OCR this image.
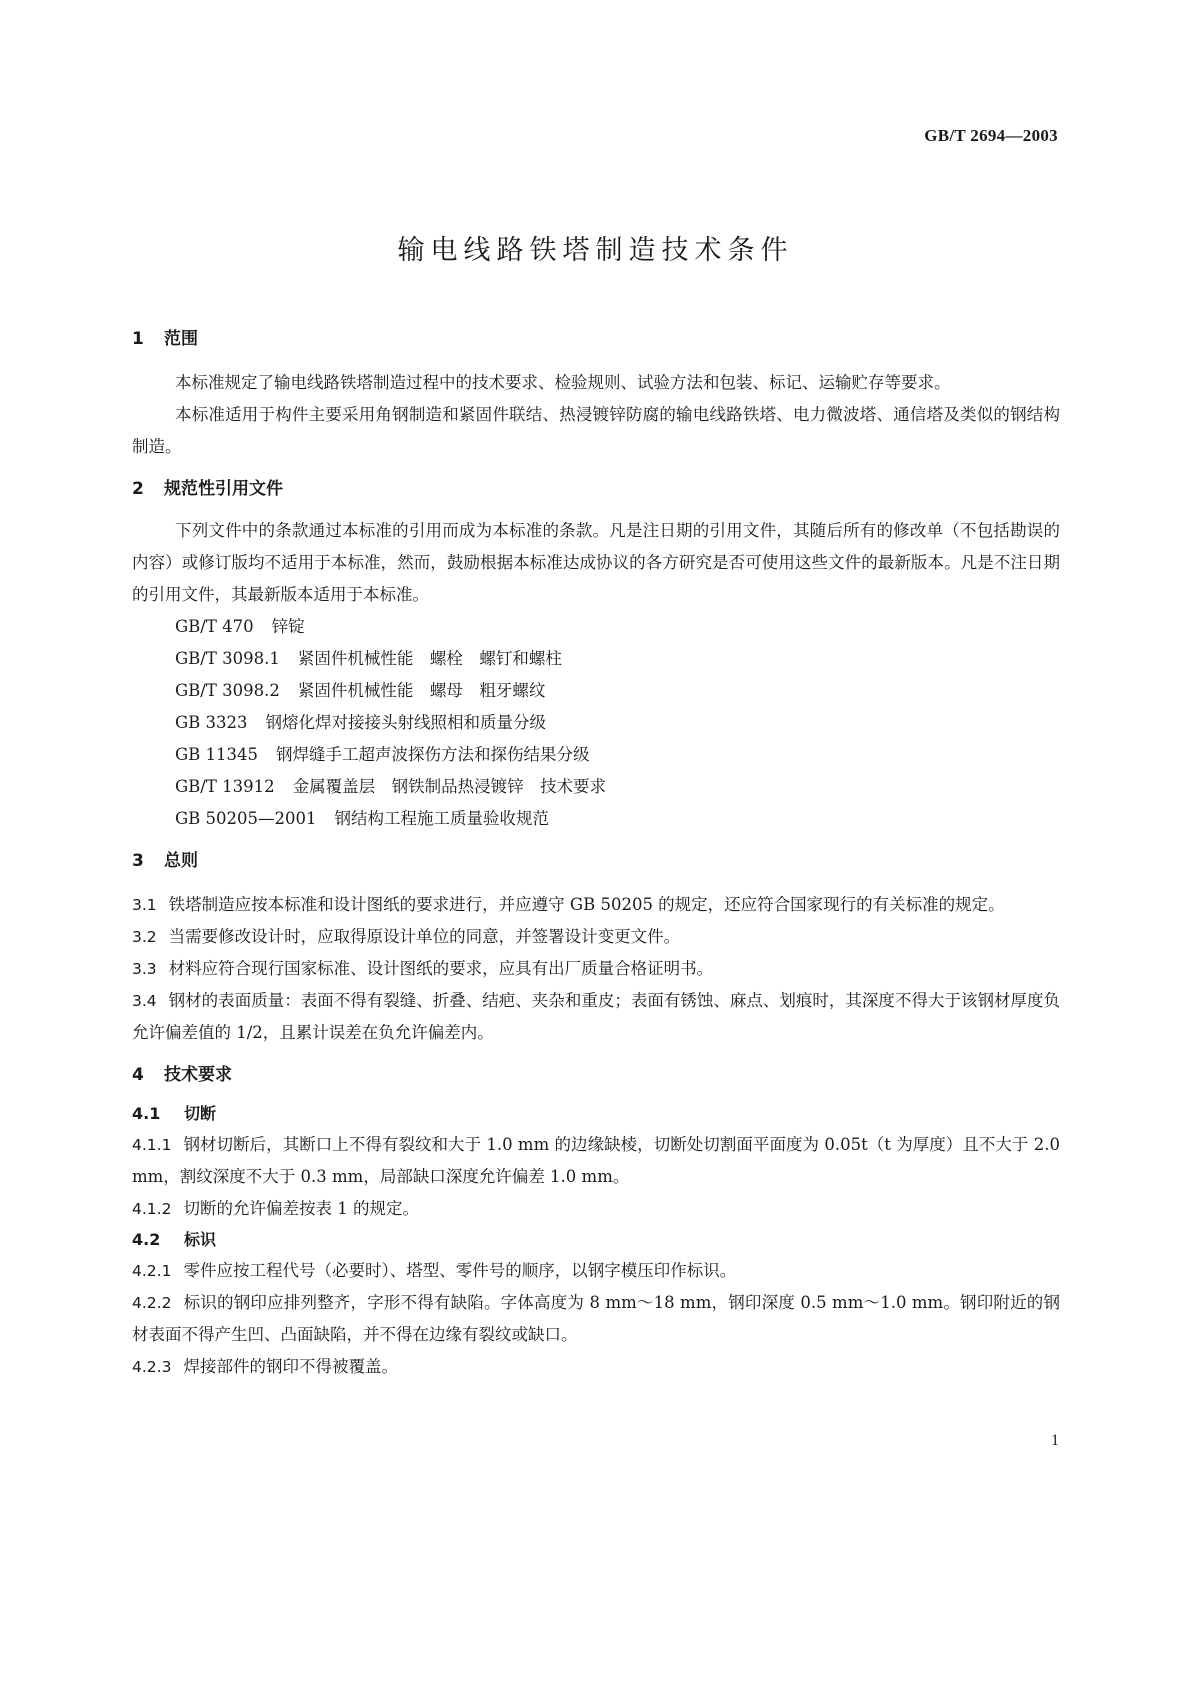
GB/T 2694—2003
输电线路铁塔制造技术条件
1 范围

本标准规定了输电线路铁塔制造过程中的技术要求、检验规则、试验方法和包装、标记、运输贮存等要求。

本标准适用于构件主要采用角钢制造和紧固件联结、热浸镀锌防腐的输电线路铁塔、电力微波塔、通信塔及类似的钢结构制造。

2 规范性引用文件

下列文件中的条款通过本标准的引用而成为本标准的条款。凡是注日期的引用文件，其随后所有的修改单（不包括勘误的内容）或修订版均不适用于本标准，然而，鼓励根据本标准达成协议的各方研究是否可使用这些文件的最新版本。凡是不注日期的引用文件，其最新版本适用于本标准。

GB/T 470 锌锭
GB/T 3098.1 紧固件机械性能　螺栓　螺钉和螺柱
GB/T 3098.2 紧固件机械性能　螺母　粗牙螺纹
GB 3323 钢熔化焊对接接头射线照相和质量分级
GB 11345 钢焊缝手工超声波探伤方法和探伤结果分级
GB/T 13912 金属覆盖层　钢铁制品热浸镀锌　技术要求
GB 50205—2001 钢结构工程施工质量验收规范
3 总则

3.1 铁塔制造应按本标准和设计图纸的要求进行，并应遵守 GB 50205 的规定，还应符合国家现行的有关标准的规定。

3.2 当需要修改设计时，应取得原设计单位的同意，并签署设计变更文件。

3.3 材料应符合现行国家标准、设计图纸的要求，应具有出厂质量合格证明书。

3.4 钢材的表面质量：表面不得有裂缝、折叠、结疤、夹杂和重皮；表面有锈蚀、麻点、划痕时，其深度不得大于该钢材厚度负允许偏差值的 1/2，且累计误差在负允许偏差内。

4 技术要求
4.1 切断

4.1.1 钢材切断后，其断口上不得有裂纹和大于 1.0 mm 的边缘缺棱，切断处切割面平面度为 0.05t（t 为厚度）且不大于 2.0 mm，割纹深度不大于 0.3 mm，局部缺口深度允许偏差 1.0 mm。

4.1.2 切断的允许偏差按表 1 的规定。

4.2 标识

4.2.1 零件应按工程代号（必要时）、塔型、零件号的顺序，以钢字模压印作标识。

4.2.2 标识的钢印应排列整齐，字形不得有缺陷。字体高度为 8 mm～18 mm，钢印深度 0.5 mm～1.0 mm。钢印附近的钢材表面不得产生凹、凸面缺陷，并不得在边缘有裂纹或缺口。

4.2.3 焊接部件的钢印不得被覆盖。

1
